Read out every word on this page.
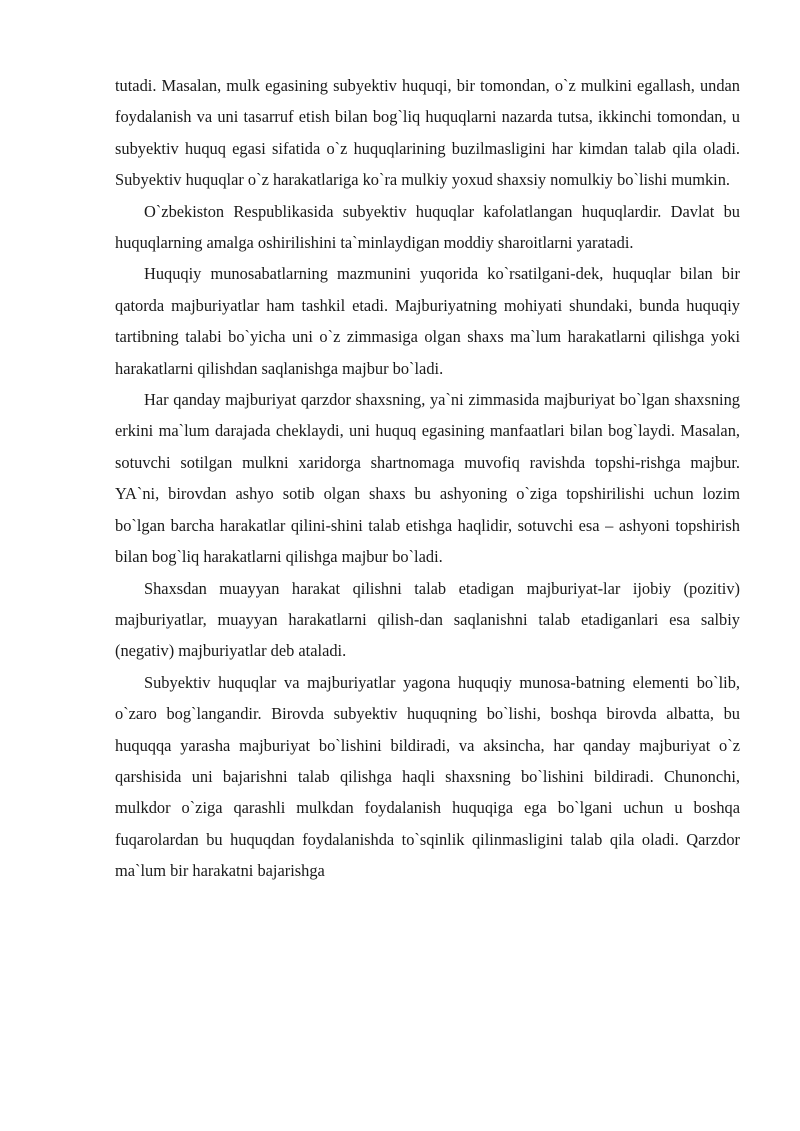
tutadi. Masalan, mulk egasining subyektiv huquqi, bir tomondan, o`z mulkini egallash, undan foydalanish va uni tasarruf etish bilan bog`liq huquqlarni nazarda tutsa, ikkinchi tomondan, u subyektiv huquq egasi sifatida o`z huquqlarining buzilmasligini har kimdan talab qila oladi. Subyektiv huquqlar o`z harakatlariga ko`ra mulkiy yoxud shaxsiy nomulkiy bo`lishi mumkin.

O`zbekiston Respublikasida subyektiv huquqlar kafolatlangan huquqlardir. Davlat bu huquqlarning amalga oshirilishini ta`minlaydigan moddiy sharoitlarni yaratadi.

Huquqiy munosabatlarning mazmunini yuqorida ko`rsatilgani-dek, huquqlar bilan bir qatorda majburiyatlar ham tashkil etadi. Majburiyatning mohiyati shundaki, bunda huquqiy tartibning talabi bo`yicha uni o`z zimmasiga olgan shaxs ma`lum harakatlarni qilishga yoki harakatlarni qilishdan saqlanishga majbur bo`ladi.

Har qanday majburiyat qarzdor shaxsning, ya`ni zimmasida majburiyat bo`lgan shaxsning erkini ma`lum darajada cheklaydi, uni huquq egasining manfaatlari bilan bog`laydi. Masalan, sotuvchi sotilgan mulkni xaridorga shartnomaga muvofiq ravishda topshi-rishga majbur. YA`ni, birovdan ashyo sotib olgan shaxs bu ashyoning o`ziga topshirilishi uchun lozim bo`lgan barcha harakatlar qilini-shini talab etishga haqlidir, sotuvchi esa – ashyoni topshirish bilan bog`liq harakatlarni qilishga majbur bo`ladi.

Shaxsdan muayyan harakat qilishni talab etadigan majburiyat-lar ijobiy (pozitiv) majburiyatlar, muayyan harakatlarni qilish-dan saqlanishni talab etadiganlari esa salbiy (negativ) majburiyatlar deb ataladi.

Subyektiv huquqlar va majburiyatlar yagona huquqiy munosa-batning elementi bo`lib, o`zaro bog`langandir. Birovda subyektiv huquqning bo`lishi, boshqa birovda albatta, bu huquqqa yarasha majburiyat bo`lishini bildiradi, va aksincha, har qanday majburiyat o`z qarshisida uni bajarishni talab qilishga haqli shaxsning bo`lishini bildiradi. Chunonchi, mulkdor o`ziga qarashli mulkdan foydalanish huquqiga ega bo`lgani uchun u boshqa fuqarolardan bu huquqdan foydalanishda to`sqinlik qilinmasligini talab qila oladi. Qarzdor ma`lum bir harakatni bajarishga
